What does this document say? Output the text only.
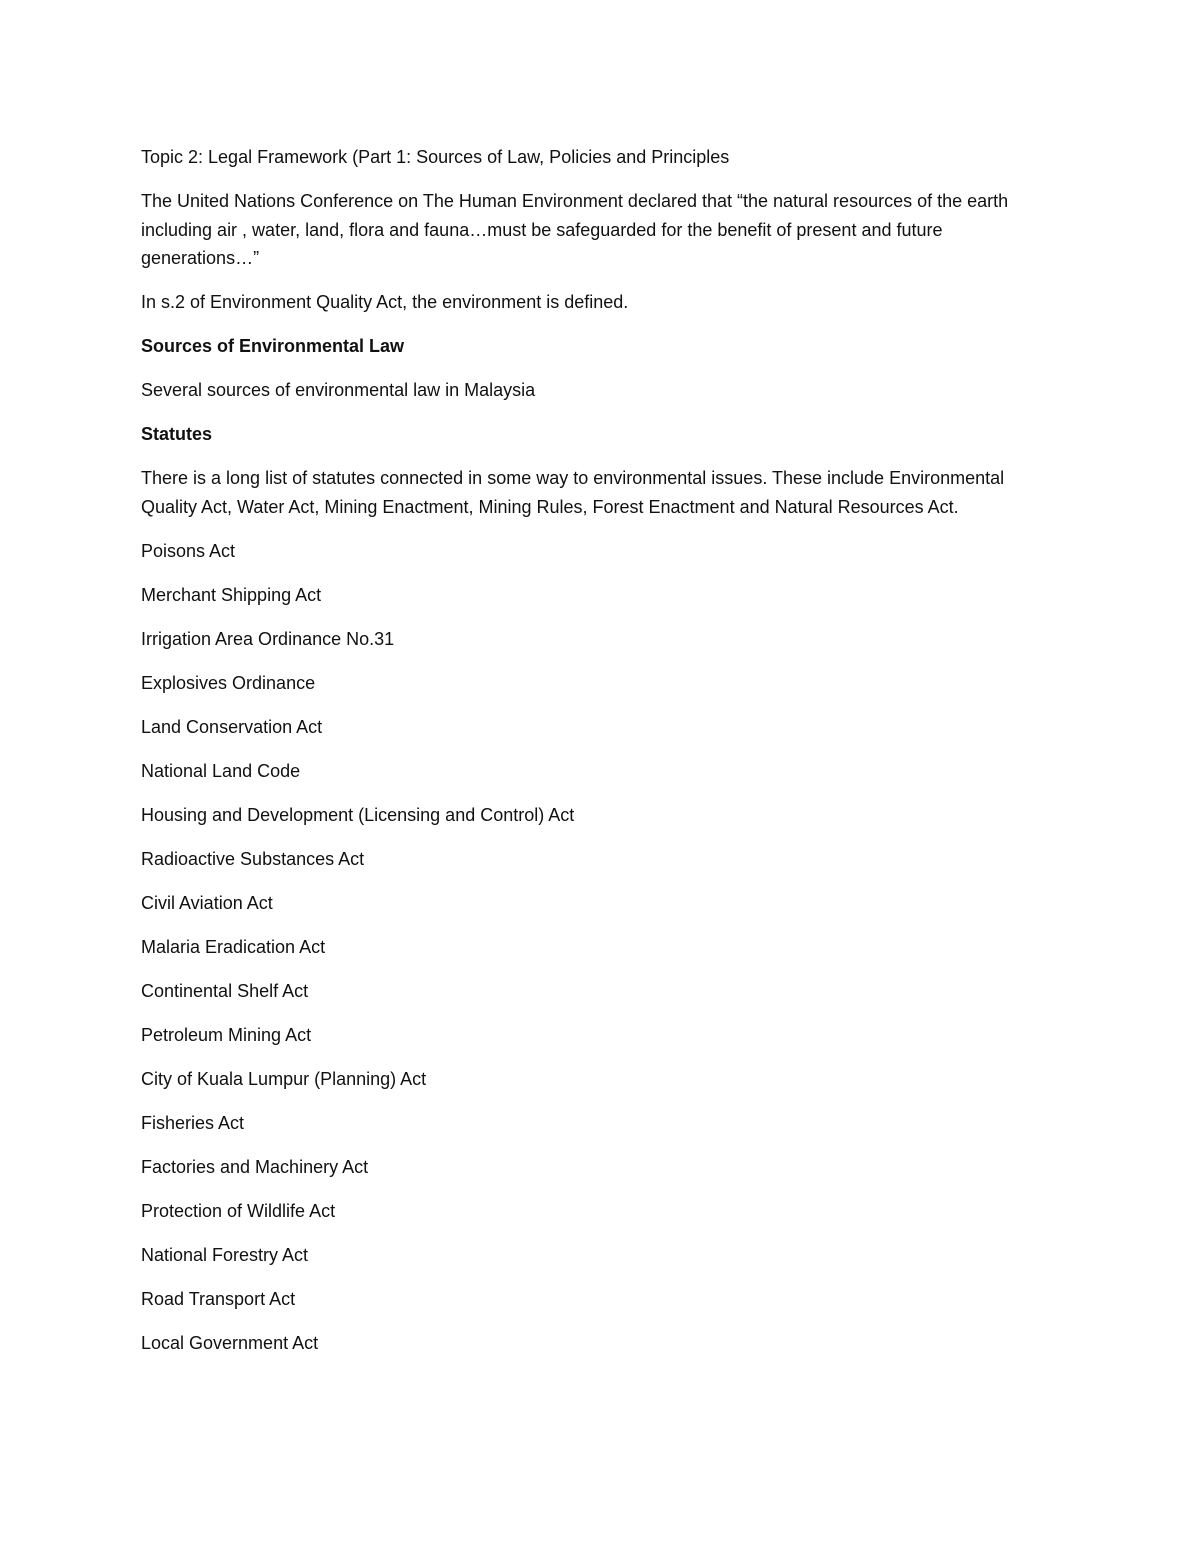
Topic 2: Legal Framework (Part 1: Sources of Law, Policies and Principles

The United Nations Conference on The Human Environment declared that “the natural resources of the earth including air , water, land, flora and fauna…must be safeguarded for the benefit of present and future generations…”

In s.2 of Environment Quality Act, the environment is defined.

Sources of Environmental Law

Several sources of environmental law in Malaysia

Statutes

There is a long list of statutes connected in some way to environmental issues. These include Environmental Quality Act, Water Act, Mining Enactment, Mining Rules, Forest Enactment and Natural Resources Act.

Poisons Act
Merchant Shipping Act
Irrigation Area Ordinance No.31
Explosives Ordinance
Land Conservation Act
National Land Code
Housing and Development (Licensing and Control) Act
Radioactive Substances Act
Civil Aviation Act
Malaria Eradication Act
Continental Shelf Act
Petroleum Mining Act
City of Kuala Lumpur (Planning) Act
Fisheries Act
Factories and Machinery Act
Protection of Wildlife Act
National Forestry Act
Road Transport Act
Local Government Act
